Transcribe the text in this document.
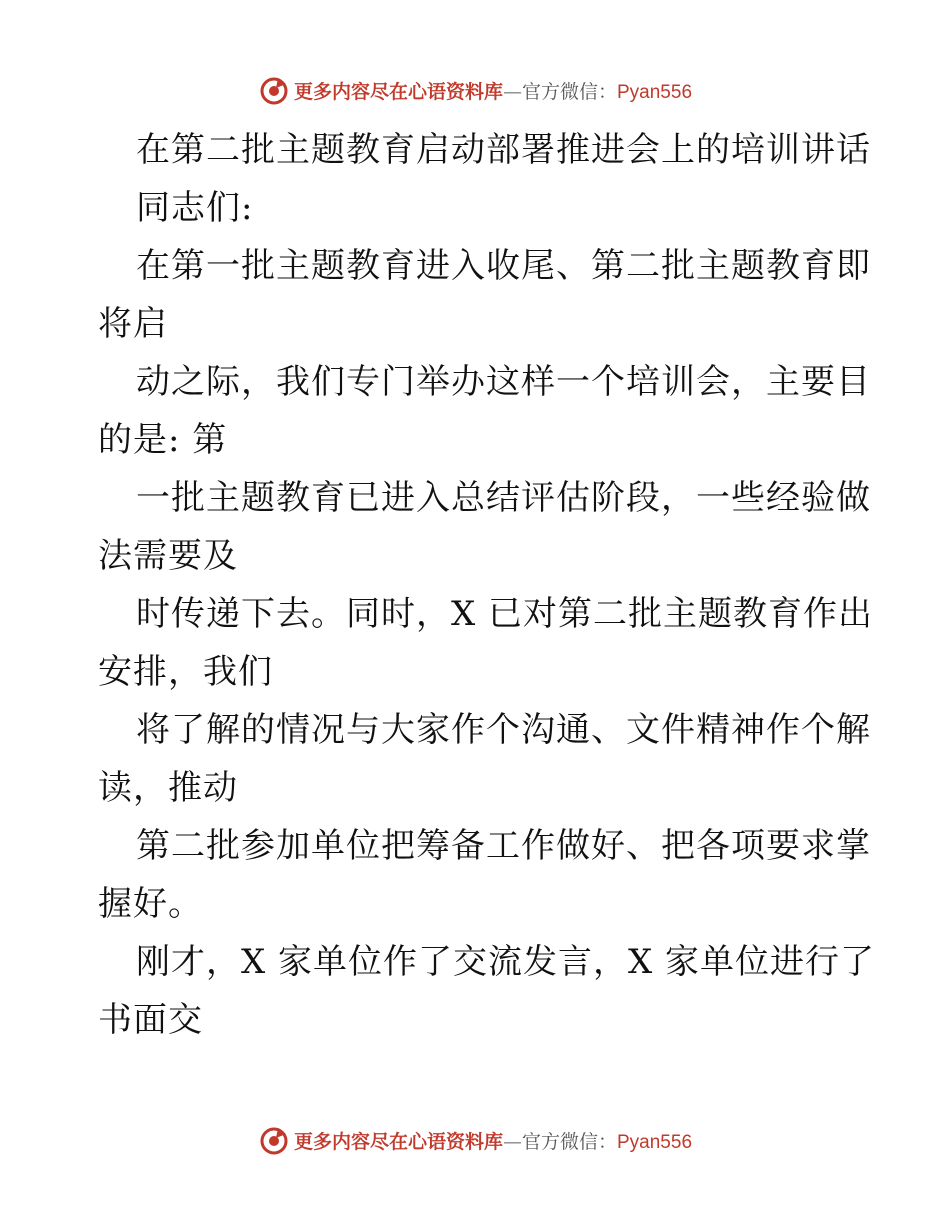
更多内容尽在心语资料库—官方微信：Pyan556
在第二批主题教育启动部署推进会上的培训讲话
同志们:
在第一批主题教育进入收尾、第二批主题教育即
将启
动之际，我们专门举办这样一个培训会，主要目
的是: 第
一批主题教育已进入总结评估阶段，一些经验做
法需要及
时传递下去。同时，X 已对第二批主题教育作出
安排，我们
将了解的情况与大家作个沟通、文件精神作个解
读，推动
第二批参加单位把筹备工作做好、把各项要求掌
握好。
刚才，X 家单位作了交流发言，X 家单位进行了
书面交
更多内容尽在心语资料库—官方微信：Pyan556
